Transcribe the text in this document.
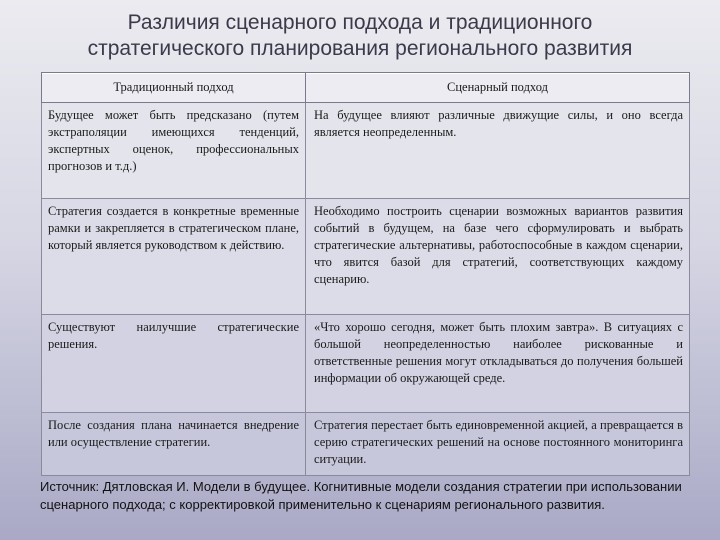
Различия сценарного подхода и традиционного
стратегического планирования регионального развития
Традиционный подход	Сценарный подход
Будущее может быть предсказано (путем экстраполяции имеющихся тенденций, экспертных оценок, профессиональных прогнозов и т.д.)	На будущее влияют различные движущие силы, и оно всегда является неопределенным.
Стратегия создается в конкретные временные рамки и закрепляется в стратегическом плане, который является руководством к действию.	Необходимо построить сценарии возможных вариантов развития событий в будущем, на базе чего сформулировать и выбрать стратегические альтернативы, работоспособные в каждом сценарии, что явится базой для стратегий, соответствующих каждому сценарию.
Существуют наилучшие стратегические решения.	«Что хорошо сегодня, может быть плохим завтра». В ситуациях с большой неопределенностью наиболее рискованные и ответственные решения могут откладываться до получения большей информации об окружающей среде.
После создания плана начинается внедрение или осуществление стратегии.	Стратегия перестает быть единовременной акцией, а превращается в серию стратегических решений на основе постоянного мониторинга ситуации.
Источник: Дятловская И. Модели в будущее. Когнитивные модели создания стратегии при использовании сценарного подхода; с корректировкой применительно к сценариям регионального развития.
